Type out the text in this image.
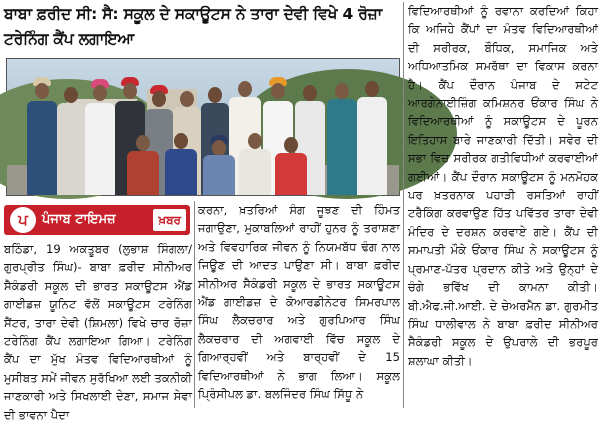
ਬਾਬਾ ਫ਼ਰੀਦ ਸੀ: ਸੈ: ਸਕੂਲ ਦੇ ਸਕਾਊਟਸ ਨੇ ਤਾਰਾ ਦੇਵੀ ਵਿਖੇ 4 ਰੋਜ਼ਾ ਟਰੇਨਿੰਗ ਕੈਂਪ ਲਗਾਇਆ
ਪ	ਪੰਜਾਬ ਟਾਇਮਜ਼	ਖ਼ਬਰ
ਬਠਿੰਡਾ, 19 ਅਕਤੂਬਰ (ਲੁਭਾਸ਼ ਸਿੰਗਲਾ/ਗੁਰਪ੍ਰੀਤ ਸਿੰਘ)- ਬਾਬਾ ਫ਼ਰੀਦ ਸੀਨੀਅਰ ਸੈਕੰਡਰੀ ਸਕੂਲ ਦੀ ਭਾਰਤ ਸਕਾਊਟਸ ਐਂਡ ਗਾਈਡਜ਼ ਯੂਨਿਟ ਵੱਲੋਂ ਸਕਾਊਟਸ ਟਰੇਨਿੰਗ ਸੈਂਟਰ, ਤਾਰਾ ਦੇਵੀ (ਸ਼ਿਮਲਾ) ਵਿਖੇ ਚਾਰ ਰੋਜ਼ਾ ਟਰੇਨਿੰਗ ਕੈਂਪ ਲਗਾਇਆ ਗਿਆ। ਟਰੇਨਿੰਗ ਕੈਂਪ ਦਾ ਮੁੱਖ ਮੰਤਵ ਵਿਦਿਆਰਥੀਆਂ ਨੂੰ ਮੁਸੀਬਤ ਸਮੇਂ ਜੀਵਨ ਸੁਰੱਖਿਆ ਲਈ ਤਕਨੀਕੀ ਜਾਣਕਾਰੀ ਅਤੇ ਸਿਖਲਾਈ ਦੇਣਾ, ਸਮਾਜ ਸੇਵਾ ਦੀ ਭਾਵਨਾ ਪੈਦਾ
ਕਰਨਾ, ਖ਼ਤਰਿਆਂ ਸੰਗ ਜੂਝਣ ਦੀ ਹਿੰਮਤ ਜਗਾਉਣਾ, ਮੁਕਾਬਲਿਆਂ ਰਾਹੀਂ ਹੁਨਰ ਨੂੰ ਤਰਾਸ਼ਣਾ ਅਤੇ ਵਿਵਹਾਰਿਕ ਜੀਵਨ ਨੂੰ ਨਿਯਮਬੱਧ ਢੰਗ ਨਾਲ ਜਿਊਣ ਦੀ ਆਦਤ ਪਾਉਣਾ ਸੀ। ਬਾਬਾ ਫ਼ਰੀਦ ਸੀਨੀਅਰ ਸੈਕੰਡਰੀ ਸਕੂਲ ਦੇ ਭਾਰਤ ਸਕਾਊਟਸ ਐਂਡ ਗਾਈਡਜ਼ ਦੇ ਕੋਆਰਡੀਨੇਟਰ ਸਿਮਰਪਾਲ ਸਿੰਘ ਲੈਕਚਰਾਰ ਅਤੇ ਗੁਰਪਿਆਰ ਸਿੰਘ ਲੈਕਚਰਾਰ ਦੀ ਅਗਵਾਈ ਵਿੱਚ ਸਕੂਲ ਦੇ ਗਿਆਰ੍ਹਵੀਂ ਅਤੇ ਬਾਰ੍ਹਵੀਂ ਦੇ 15 ਵਿਦਿਆਰਥੀਆਂ ਨੇ ਭਾਗ ਲਿਆ। ਸਕੂਲ ਪ੍ਰਿੰਸੀਪਲ ਡਾ. ਬਲਜਿੰਦਰ ਸਿੰਘ ਸਿੱਧੂ ਨੇ
ਵਿਦਿਆਰਥੀਆਂ ਨੂੰ ਰਵਾਨਾ ਕਰਦਿਆਂ ਕਿਹਾ ਕਿ ਅਜਿਹੇ ਕੈਂਪਾਂ ਦਾ ਮੰਤਵ ਵਿਦਿਆਰਥੀਆਂ ਦੀ ਸਰੀਰਕ, ਬੌਧਿਕ, ਸਮਾਜਿਕ ਅਤੇ ਅਧਿਆਤਮਿਕ ਸਮਰੱਥਾ ਦਾ ਵਿਕਾਸ ਕਰਨਾ ਹੈ। ਕੈਂਪ ਦੌਰਾਨ ਪੰਜਾਬ ਦੇ ਸਟੇਟ ਆਰਗੇਨਾਈਜ਼ਿੰਗ ਕਮਿਸ਼ਨਰ ਓਂਕਾਰ ਸਿੰਘ ਨੇ ਵਿਦਿਆਰਥੀਆਂ ਨੂੰ ਸਕਾਊਟਸ ਦੇ ਪੂਰਨ ਇਤਿਹਾਸ ਬਾਰੇ ਜਾਣਕਾਰੀ ਦਿੱਤੀ। ਸਵੇਰ ਦੀ ਸਭਾ ਵਿਚ ਸਰੀਰਕ ਗਤੀਵਿਧੀਆਂ ਕਰਵਾਈਆਂ ਗਈਆਂ। ਕੈਂਪ ਦੌਰਾਨ ਸਕਾਊਟਸ ਨੂੰ ਮਨਮੋਹਕ ਪਰ ਖ਼ਤਰਨਾਕ ਪਹਾੜੀ ਰਸਤਿਆਂ ਰਾਹੀਂ ਟਰੈਕਿੰਗ ਕਰਵਾਉਣ ਹਿੱਤ ਪਵਿੱਤਰ ਤਾਰਾ ਦੇਵੀ ਮੰਦਿਰ ਦੇ ਦਰਸ਼ਨ ਕਰਵਾਏ ਗਏ। ਕੈਂਪ ਦੀ ਸਮਾਪਤੀ ਮੌਕੇ ਓਂਕਾਰ ਸਿੰਘ ਨੇ ਸਕਾਊਟਸ ਨੂੰ ਪ੍ਰਮਾਣ-ਪੱਤਰ ਪ੍ਰਦਾਨ ਕੀਤੇ ਅਤੇ ਉਨ੍ਹਾਂ ਦੇ ਚੰਗੇ ਭਵਿੱਖ ਦੀ ਕਾਮਨਾ ਕੀਤੀ। ਬੀ.ਐਫ.ਜੀ.ਆਈ. ਦੇ ਚੇਅਰਮੈਨ ਡਾ. ਗੁਰਮੀਤ ਸਿੰਘ ਧਾਲੀਵਾਲ ਨੇ ਬਾਬਾ ਫ਼ਰੀਦ ਸੀਨੀਅਰ ਸੈਕੰਡਰੀ ਸਕੂਲ ਦੇ ਉਪਰਾਲੇ ਦੀ ਭਰਪੂਰ ਸ਼ਲਾਘਾ ਕੀਤੀ।
